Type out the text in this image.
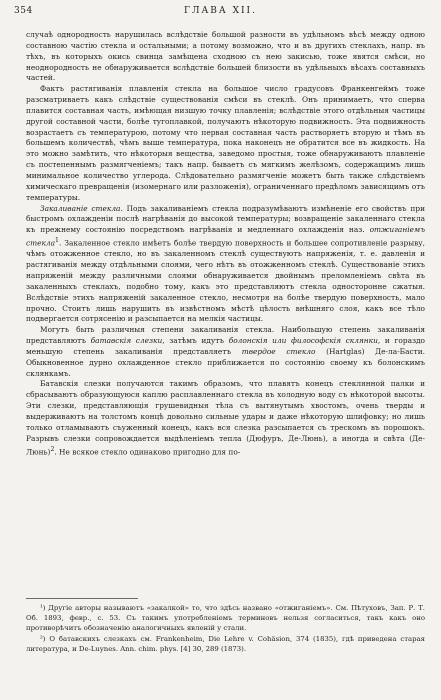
354	ГЛАВА XII.

случаѣ однородность нарушилась вслѣдствіе большой разности въ удѣльномъ вѣсѣ между одною составною частію стекла и остальными; а потому возможно, что и въ другихъ стеклахъ, напр. въ тѣхъ, въ которыхъ окись свинца замѣщена сходною съ нею закисью, тоже явятся смѣси, но неоднородность не обнаруживается вслѣдствіе большей близости въ удѣльныхъ вѣсахъ составныхъ частей.

Фактъ растягиванія плавленія стекла на большое число градусовъ Франкенгеймъ тоже разсматриваетъ какъ слѣдствіе существованія смѣси въ стеклѣ. Онъ принимаетъ, что сперва плавится составная часть, имѣющая низшую точку плавленія; вслѣдствіе этого отдѣльныя частицы другой составной части, болѣе тугоплавкой, получаютъ нѣкоторую подвижность. Эта подвижность возрастаетъ съ температурою, потому что первая составная часть растворяетъ вторую и тѣмъ въ большемъ количествѣ, чѣмъ выше температура, пока наконецъ не обратится все въ жидкость. На это можно замѣтить, что нѣкоторыя вещества, заведомо простыя, тоже обнаруживаютъ плавленіе съ постепеннымъ размягченіемъ; такъ напр. бываетъ съ мягкимъ желѣзомъ, содержащимъ лишь минимальное количество углерода. Слѣдовательно размягченіе можетъ быть также слѣдствіемъ химическаго превращенія (изомернаго или разложенія), ограниченнаго предѣломъ зависящимъ отъ температуры.

Закаливаніе стекла. Подъ закаливаніемъ стекла подразумѣваютъ измѣненіе его свойствъ при быстромъ охлажденіи послѣ нагрѣванія до высокой температуры; возвращеніе закаленнаго стекла къ прежнему состоянію посредствомъ нагрѣванія и медленнаго охлажденія наз. отжиганіемъ стекла$^1$. Закаленное стекло имѣетъ болѣе твердую поверхность и большее сопротивленіе разрыву, чѣмъ отожженное стекло, но въ закаленномъ стеклѣ существуютъ напряженія, т. е. давленія и растягиванія между отдѣльными слоями, чего нѣтъ въ отожженномъ стеклѣ. Существованіе этихъ напряженій между различными слоями обнаруживается двойнымъ преломленіемъ свѣта въ закаленныхъ стеклахъ, подобно тому, какъ это представляютъ стекла односторонне сжатыя. Вслѣдствіе этихъ напряженій закаленное стекло, несмотря на болѣе твердую поверхность, мало прочно. Стоитъ лишь нарушить въ извѣстномъ мѣстѣ цѣлость внѣшняго слоя, какъ все тѣло подвергается сотрясенію и разсыпается на мелкія частицы.

Могутъ быть различныя степени закаливанія стекла. Наибольшую степень закаливанія представляютъ батавскія слезки, затѣмъ идутъ болонскія или философскія склянки, и гораздо меньшую степень закаливанія представляетъ твердое стекло (Hartglas) Де-ла-Басти. Обыкновенное дурно охлажденное стекло приближается по состоянію своему къ болонскимъ склянкамъ.

Батавскія слезки получаются такимъ образомъ, что плавятъ конецъ стеклянной палки и сбрасываютъ образующуюся каплю расплавленнаго стекла въ холодную воду съ нѣкоторой высоты. Эти слезки, представляющія грушевидныя тѣла съ вытянутымъ хвостомъ, очень тверды и выдерживаютъ на толстомъ концѣ довольно сильные удары и даже нѣкоторую шлифовку; но лишь только отламываютъ съуженный конецъ, какъ вся слезка разсыпается съ трескомъ въ порошокъ. Разрывъ слезки сопровождается выдѣленіемъ тепла (Дюфуръ, Де-Люнь), а иногда и свѣта (Де-Люнь)$^2$. Не всякое стекло одинаково пригодно для по-

¹) Другіе авторы называютъ «закалкой» то, что здѣсь названо «отжиганіемъ». См. Пѣтуховъ, Зап. Р. Т. Об. 1893, февр., с. 53. Съ такимъ употребленіемъ терминовъ нельзя согласиться, такъ какъ оно противорѣчитъ обозначенію аналогичныхъ явленій у стали.

²) О батавскихъ слезкахъ см. Frankenheim, Die Lehre v. Cohäsion, 374 (1835), гдѣ приведена старая литература, и De-Luynes. Ann. chim. phys. [4] 30, 289 (1873).
